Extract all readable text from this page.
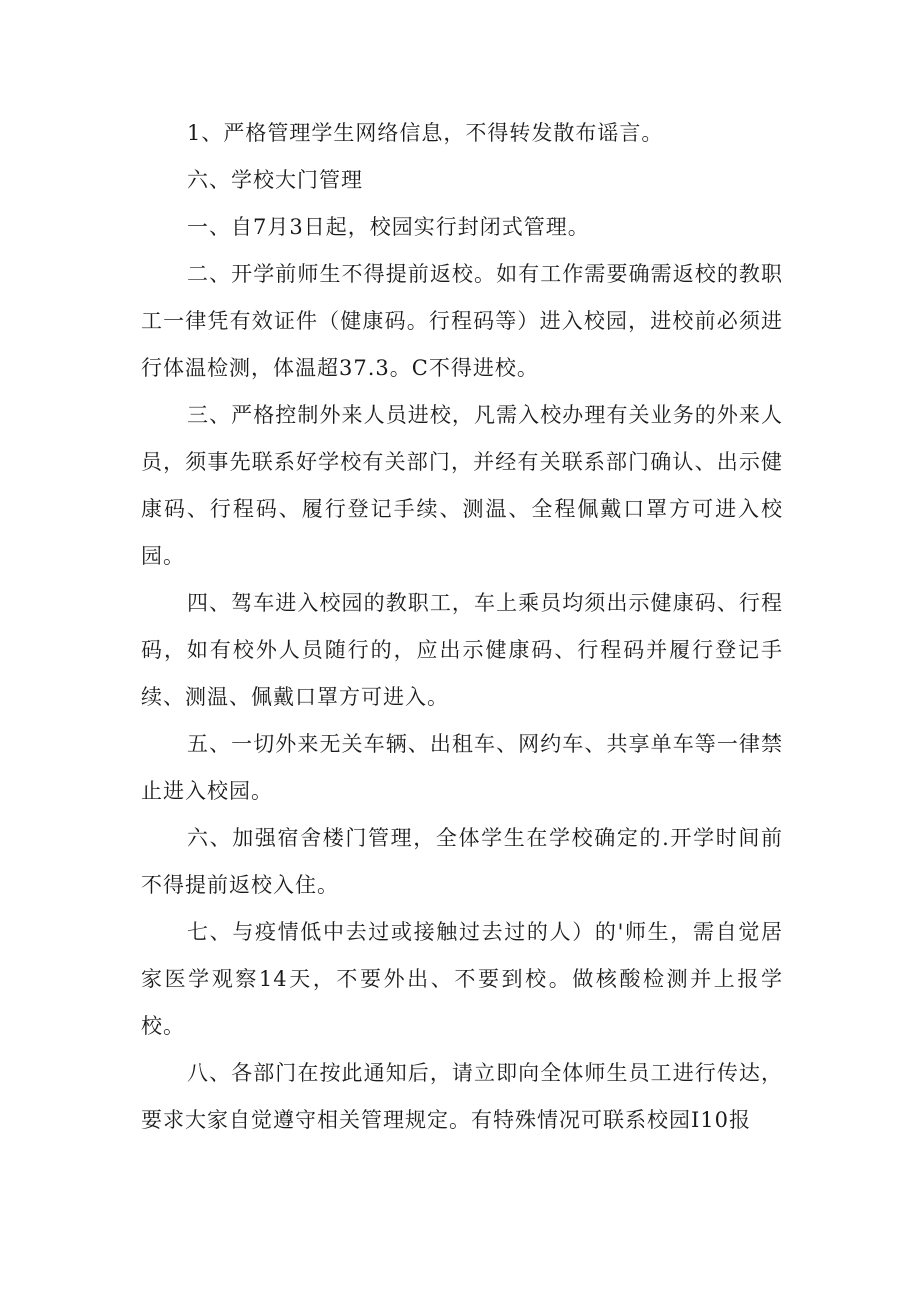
1、严格管理学生网络信息，不得转发散布谣言。

六、学校大门管理

一、自7月3日起，校园实行封闭式管理。

二、开学前师生不得提前返校。如有工作需要确需返校的教职工一律凭有效证件（健康码。行程码等）进入校园，进校前必须进行体温检测，体温超37.3。C不得进校。

三、严格控制外来人员进校，凡需入校办理有关业务的外来人员，须事先联系好学校有关部门，并经有关联系部门确认、出示健康码、行程码、履行登记手续、测温、全程佩戴口罩方可进入校园。

四、驾车进入校园的教职工，车上乘员均须出示健康码、行程码，如有校外人员随行的，应出示健康码、行程码并履行登记手续、测温、佩戴口罩方可进入。

五、一切外来无关车辆、出租车、网约车、共享单车等一律禁止进入校园。

六、加强宿舍楼门管理，全体学生在学校确定的.开学时间前不得提前返校入住。

七、与疫情低中去过或接触过去过的人）的'师生，需自觉居家医学观察14天，不要外出、不要到校。做核酸检测并上报学校。

八、各部门在按此通知后，请立即向全体师生员工进行传达，要求大家自觉遵守相关管理规定。有特殊情况可联系校园I10报
